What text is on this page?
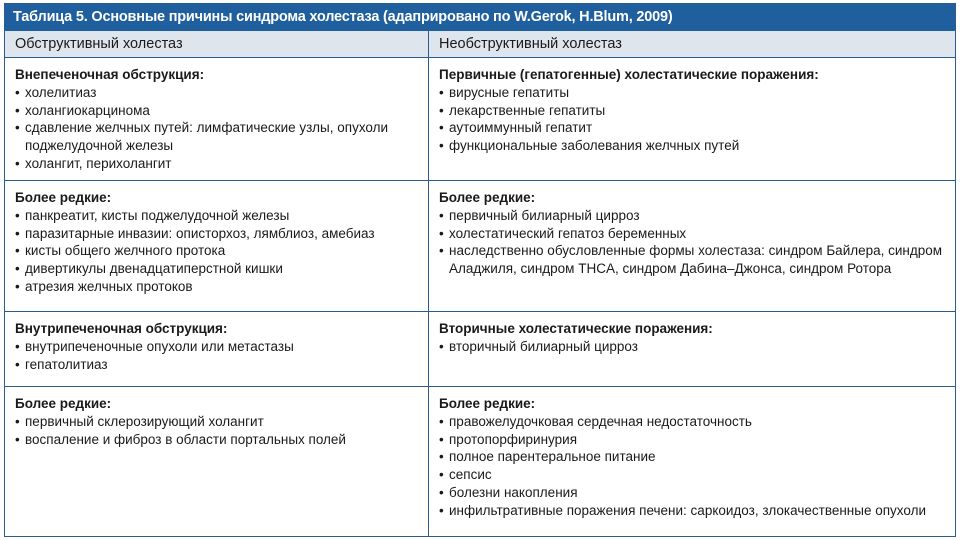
Таблица 5. Основные причины синдрома холестаза (адаприровано по W.Gerok, H.Blum, 2009)
Обструктивный холестаз	Необструктивный холестаз
Внепеченочная обструкция:
• холелитиаз
• холангиокарцинома
• сдавление желчных путей: лимфатические узлы, опухоли поджелудочной железы
• холангит, перихолангит
Первичные (гепатогенные) холестатические поражения:
• вирусные гепатиты
• лекарственные гепатиты
• аутоиммунный гепатит
• функциональные заболевания желчных путей
Более редкие:
• панкреатит, кисты поджелудочной железы
• паразитарные инвазии: описторхоз, лямблиоз, амебиаз
• кисты общего желчного протока
• дивертикулы двенадцатиперстной кишки
• атрезия желчных протоков
Более редкие:
• первичный билиарный цирроз
• холестатический гепатоз беременных
• наследственно обусловленные формы холестаза: синдром Байлера, синдром Аладжиля, синдром THCA, синдром Дабина–Джонса, синдром Ротора
Внутрипеченочная обструкция:
• внутрипеченочные опухоли или метастазы
• гепатолитиаз
Вторичные холестатические поражения:
• вторичный билиарный цирроз
Более редкие:
• первичный склерозирующий холангит
• воспаление и фиброз в области портальных полей
Более редкие:
• правожелудочковая сердечная недостаточность
• протопорфиринурия
• полное парентеральное питание
• сепсис
• болезни накопления
• инфильтративные поражения печени: саркоидоз, злокачественные опухоли
